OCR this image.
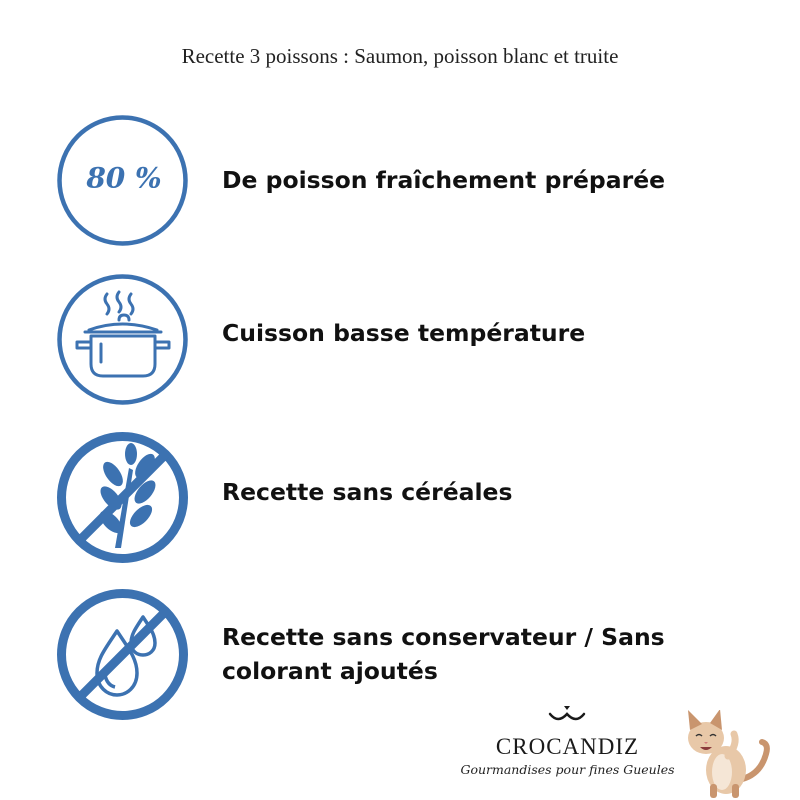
Recette 3 poissons : Saumon, poisson blanc et truite
80 %	De poisson fraîchement préparée
Cuisson basse température
Recette sans céréales
Recette sans conservateur / Sans colorant ajoutés
CROCANDIZ
Gourmandises pour fines Gueules
